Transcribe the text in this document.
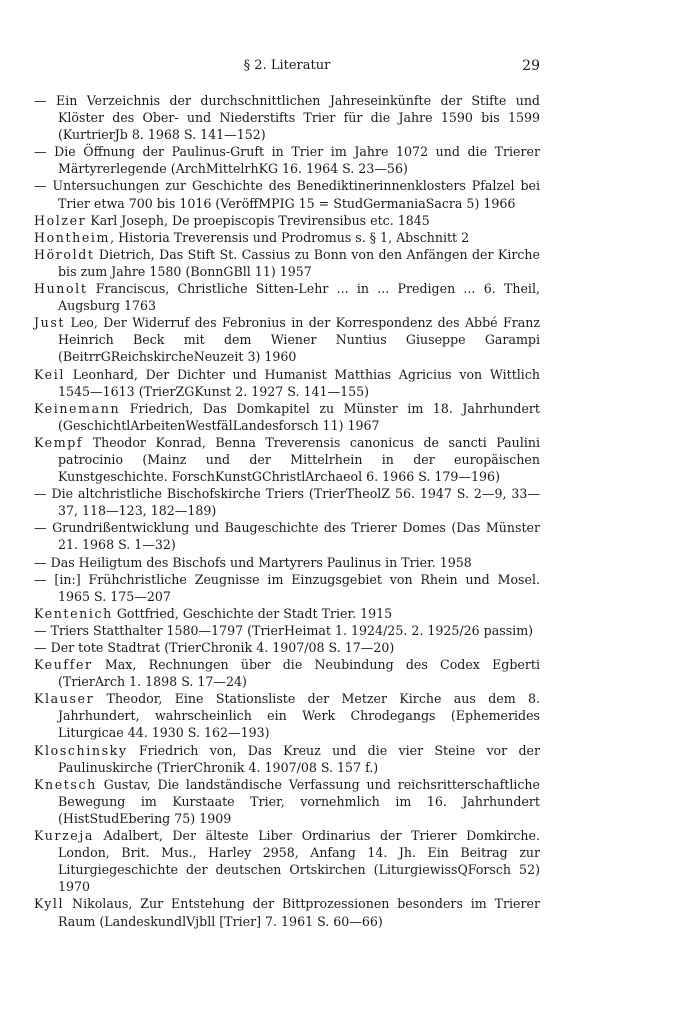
§ 2. Literatur	29

— Ein Verzeichnis der durchschnittlichen Jahreseinkünfte der Stifte und Klöster des Ober- und Niederstifts Trier für die Jahre 1590 bis 1599 (KurtrierJb 8. 1968 S. 141—152)

— Die Öffnung der Paulinus-Gruft in Trier im Jahre 1072 und die Trierer Märtyrerlegende (ArchMittelrhKG 16. 1964 S. 23—56)

— Untersuchungen zur Geschichte des Benediktinerinnenklosters Pfalzel bei Trier etwa 700 bis 1016 (VeröffMPIG 15 = StudGermaniaSacra 5) 1966

Holzer Karl Joseph, De proepiscopis Trevirensibus etc. 1845

Hontheim, Historia Treverensis und Prodromus s. § 1, Abschnitt 2

Höroldt Dietrich, Das Stift St. Cassius zu Bonn von den Anfängen der Kirche bis zum Jahre 1580 (BonnGBll 11) 1957

Hunolt Franciscus, Christliche Sitten-Lehr ... in ... Predigen ... 6. Theil, Augsburg 1763

Just Leo, Der Widerruf des Febronius in der Korrespondenz des Abbé Franz Heinrich Beck mit dem Wiener Nuntius Giuseppe Garampi (BeitrrGReichskircheNeuzeit 3) 1960

Keil Leonhard, Der Dichter und Humanist Matthias Agricius von Wittlich 1545—1613 (TrierZGKunst 2. 1927 S. 141—155)

Keinemann Friedrich, Das Domkapitel zu Münster im 18. Jahrhundert (GeschichtlArbeitenWestfälLandesforsch 11) 1967

Kempf Theodor Konrad, Benna Treverensis canonicus de sancti Paulini patrocinio (Mainz und der Mittelrhein in der europäischen Kunstgeschichte. ForschKunstGChristlArchaeol 6. 1966 S. 179—196)

— Die altchristliche Bischofskirche Triers (TrierTheolZ 56. 1947 S. 2—9, 33—37, 118—123, 182—189)

— Grundrißentwicklung und Baugeschichte des Trierer Domes (Das Münster 21. 1968 S. 1—32)

— Das Heiligtum des Bischofs und Martyrers Paulinus in Trier. 1958

— [in:] Frühchristliche Zeugnisse im Einzugsgebiet von Rhein und Mosel. 1965 S. 175—207

Kentenich Gottfried, Geschichte der Stadt Trier. 1915

— Triers Statthalter 1580—1797 (TrierHeimat 1. 1924/25. 2. 1925/26 passim)

— Der tote Stadtrat (TrierChronik 4. 1907/08 S. 17—20)

Keuffer Max, Rechnungen über die Neubindung des Codex Egberti (TrierArch 1. 1898 S. 17—24)

Klauser Theodor, Eine Stationsliste der Metzer Kirche aus dem 8. Jahrhundert, wahrscheinlich ein Werk Chrodegangs (Ephemerides Liturgicae 44. 1930 S. 162—193)

Kloschinsky Friedrich von, Das Kreuz und die vier Steine vor der Paulinuskirche (TrierChronik 4. 1907/08 S. 157 f.)

Knetsch Gustav, Die landständische Verfassung und reichsritterschaftliche Bewegung im Kurstaate Trier, vornehmlich im 16. Jahrhundert (HistStudEbering 75) 1909

Kurzeja Adalbert, Der älteste Liber Ordinarius der Trierer Domkirche. London, Brit. Mus., Harley 2958, Anfang 14. Jh. Ein Beitrag zur Liturgiegeschichte der deutschen Ortskirchen (LiturgiewissQForsch 52) 1970

Kyll Nikolaus, Zur Entstehung der Bittprozessionen besonders im Trierer Raum (LandeskundlVjbll [Trier] 7. 1961 S. 60—66)
